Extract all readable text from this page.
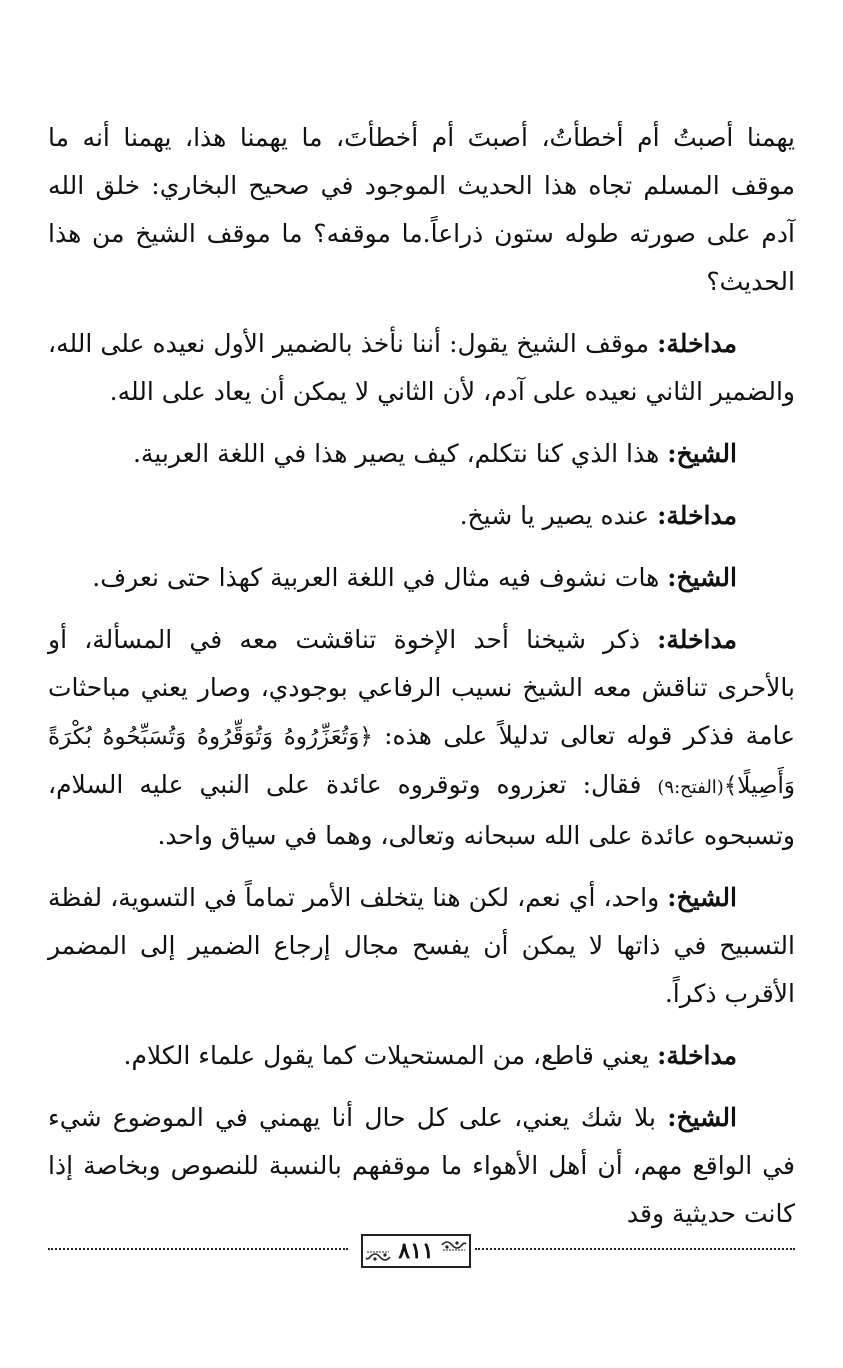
يهمنا أصبتُ أم أخطأتُ، أصبتَ أم أخطأتَ، ما يهمنا هذا، يهمنا أنه ما موقف المسلم تجاه هذا الحديث الموجود في صحيح البخاري: خلق الله آدم على صورته طوله ستون ذراعاً.ما موقفه؟ ما موقف الشيخ من هذا الحديث؟

مداخلة: موقف الشيخ يقول: أننا نأخذ بالضمير الأول نعيده على الله، والضمير الثاني نعيده على آدم، لأن الثاني لا يمكن أن يعاد على الله.

الشيخ: هذا الذي كنا نتكلم، كيف يصير هذا في اللغة العربية.

مداخلة: عنده يصير يا شيخ.

الشيخ: هات نشوف فيه مثال في اللغة العربية كهذا حتى نعرف.

مداخلة: ذكر شيخنا أحد الإخوة تناقشت معه في المسألة، أو بالأحرى تناقش معه الشيخ نسيب الرفاعي بوجودي، وصار يعني مباحثات عامة فذكر قوله تعالى تدليلاً على هذه: ﴿وَتُعَزِّرُوهُ وَتُوَقِّرُوهُ وَتُسَبِّحُوهُ بُكْرَةً وَأَصِيلًا﴾(الفتح:٩) فقال: تعزروه وتوقروه عائدة على النبي عليه السلام، وتسبحوه عائدة على الله سبحانه وتعالى، وهما في سياق واحد.

الشيخ: واحد، أي نعم، لكن هنا يتخلف الأمر تماماً في التسوية، لفظة التسبيح في ذاتها لا يمكن أن يفسح مجال إرجاع الضمير إلى المضمر الأقرب ذكراً.

مداخلة: يعني قاطع، من المستحيلات كما يقول علماء الكلام.

الشيخ: بلا شك يعني، على كل حال أنا يهمني في الموضوع شيء في الواقع مهم، أن أهل الأهواء ما موقفهم بالنسبة للنصوص وبخاصة إذا كانت حديثية وقد

٨١١
